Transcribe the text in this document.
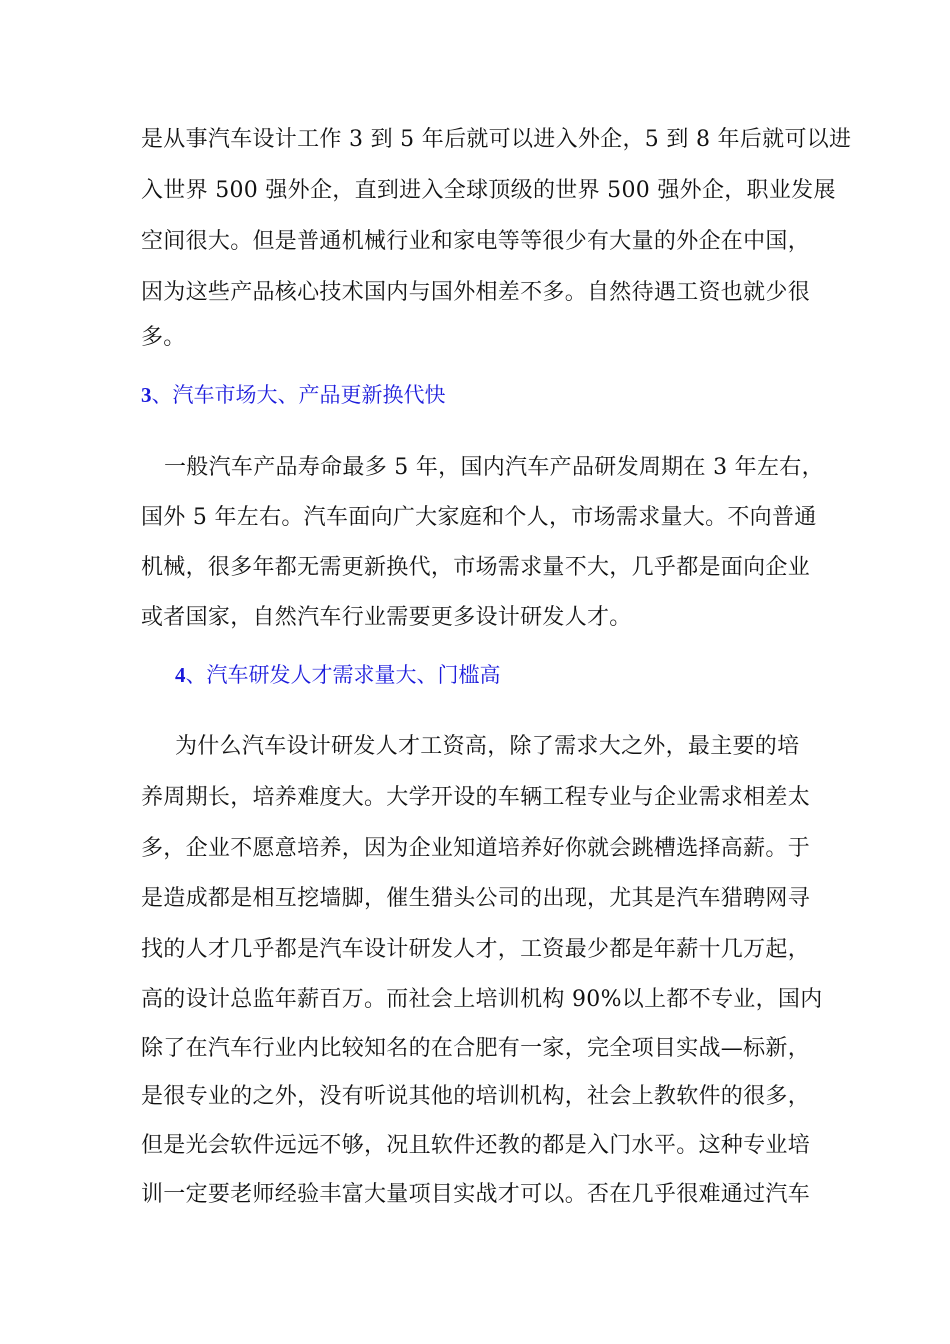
是从事汽车设计工作 3 到 5 年后就可以进入外企，5 到 8 年后就可以进
入世界 500 强外企，直到进入全球顶级的世界 500 强外企，职业发展
空间很大。但是普通机械行业和家电等等很少有大量的外企在中国，
因为这些产品核心技术国内与国外相差不多。自然待遇工资也就少很
多。
3、汽车市场大、产品更新换代快
一般汽车产品寿命最多 5 年，国内汽车产品研发周期在 3 年左右，
国外 5 年左右。汽车面向广大家庭和个人，市场需求量大。不向普通
机械，很多年都无需更新换代，市场需求量不大，几乎都是面向企业
或者国家，自然汽车行业需要更多设计研发人才。
4、汽车研发人才需求量大、门槛高
为什么汽车设计研发人才工资高，除了需求大之外，最主要的培
养周期长，培养难度大。大学开设的车辆工程专业与企业需求相差太
多，企业不愿意培养，因为企业知道培养好你就会跳槽选择高薪。于
是造成都是相互挖墙脚，催生猎头公司的出现，尤其是汽车猎聘网寻
找的人才几乎都是汽车设计研发人才，工资最少都是年薪十几万起，
高的设计总监年薪百万。而社会上培训机构 90%以上都不专业，国内
除了在汽车行业内比较知名的在合肥有一家，完全项目实战—标新，
是很专业的之外，没有听说其他的培训机构，社会上教软件的很多，
但是光会软件远远不够，况且软件还教的都是入门水平。这种专业培
训一定要老师经验丰富大量项目实战才可以。否在几乎很难通过汽车
